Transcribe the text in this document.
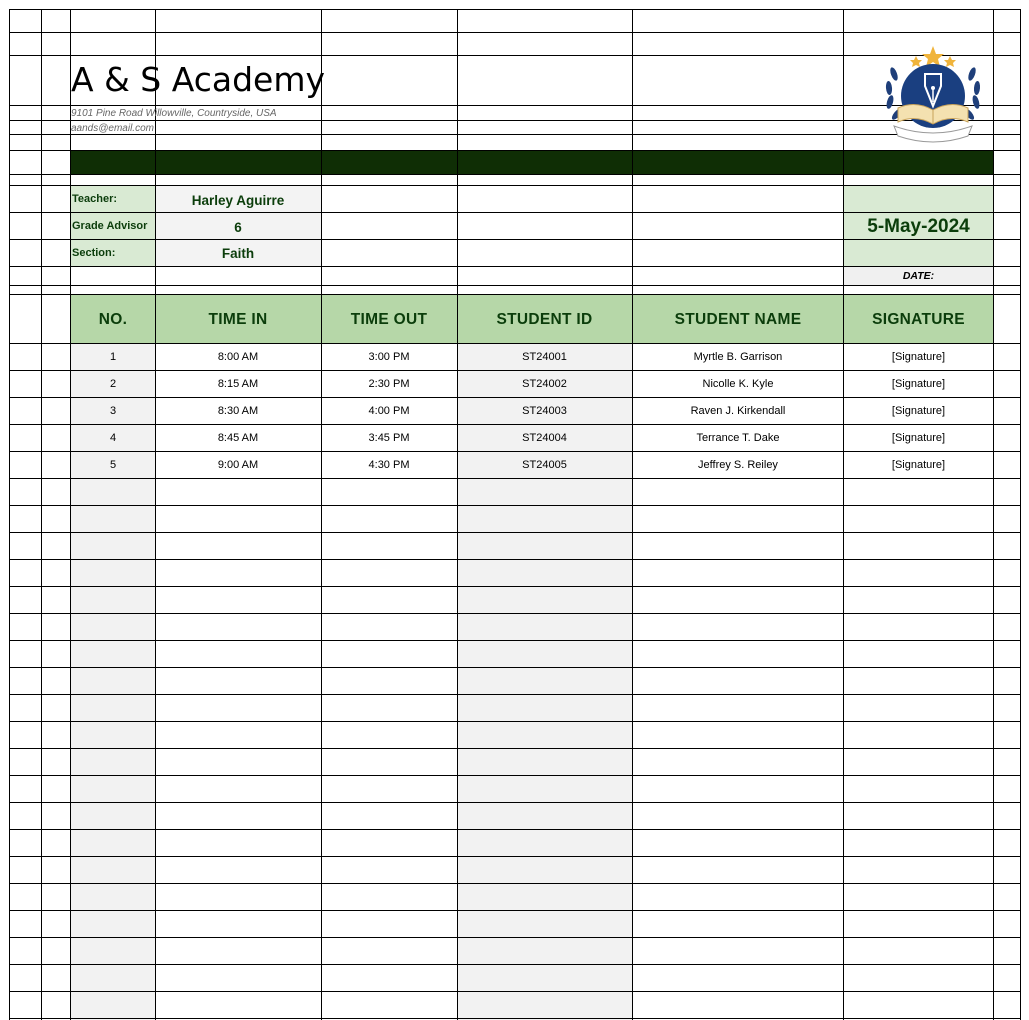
A & S Academy
9101 Pine Road Willowville, Countryside, USA
aands@email.com
Teacher:	Harley Aguirre
Grade Advisor	6
Section:	Faith
5-May-2024
DATE:
NO.	TIME IN	TIME OUT	STUDENT ID	STUDENT NAME	SIGNATURE
1	8:00 AM	3:00 PM	ST24001	Myrtle B. Garrison	[Signature]
2	8:15 AM	2:30 PM	ST24002	Nicolle K. Kyle	[Signature]
3	8:30 AM	4:00 PM	ST24003	Raven J. Kirkendall	[Signature]
4	8:45 AM	3:45 PM	ST24004	Terrance T. Dake	[Signature]
5	9:00 AM	4:30 PM	ST24005	Jeffrey S. Reiley	[Signature]
